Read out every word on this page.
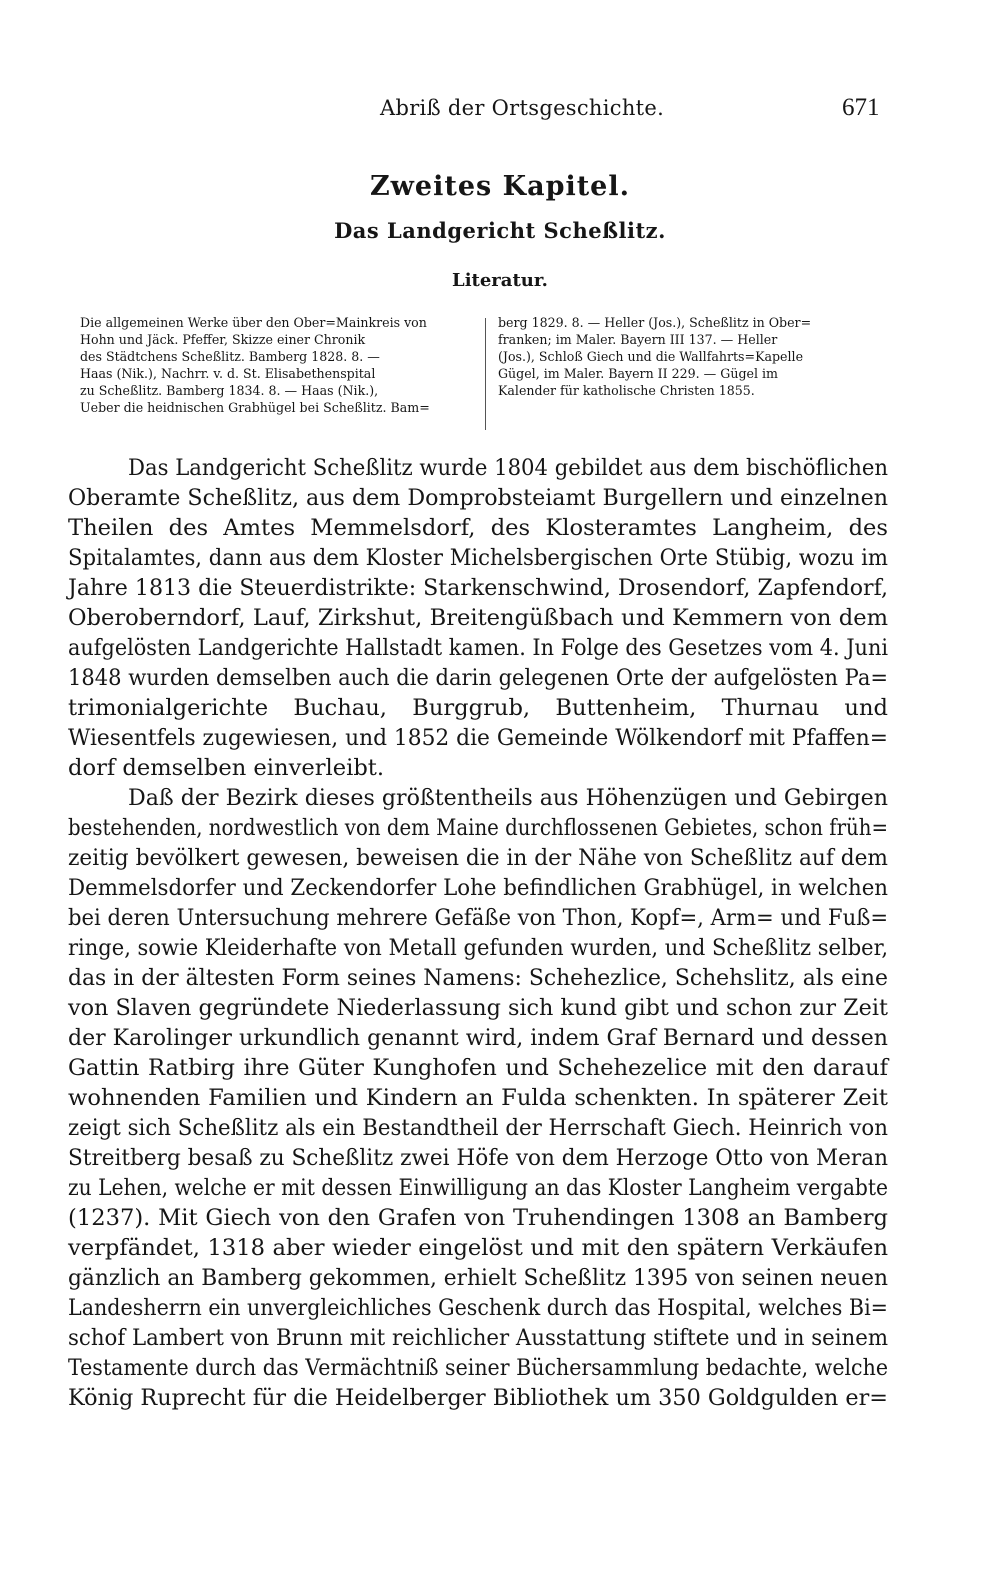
Abriß der Ortsgeschichte.	671
Zweites Kapitel.
Das Landgericht Scheßlitz.
Literatur.
Die allgemeinen Werke über den Ober=Mainkreis von
Hohn und Jäck. Pfeffer, Skizze einer Chronik
des Städtchens Scheßlitz. Bamberg 1828. 8. —
Haas (Nik.), Nachrr. v. d. St. Elisabethenspital
zu Scheßlitz. Bamberg 1834. 8. — Haas (Nik.),
Ueber die heidnischen Grabhügel bei Scheßlitz. Bam=
berg 1829. 8. — Heller (Jos.), Scheßlitz in Ober=
franken; im Maler. Bayern III 137. — Heller
(Jos.), Schloß Giech und die Wallfahrts=Kapelle
Gügel, im Maler. Bayern II 229. — Gügel im
Kalender für katholische Christen 1855.
Das Landgericht Scheßlitz wurde 1804 gebildet aus dem bischöflichen
Oberamte Scheßlitz, aus dem Domprobsteiamt Burgellern und einzelnen
Theilen des Amtes Memmelsdorf, des Klosteramtes Langheim, des
Spitalamtes, dann aus dem Kloster Michelsbergischen Orte Stübig, wozu im
Jahre 1813 die Steuerdistrikte: Starkenschwind, Drosendorf, Zapfendorf,
Oberoberndorf, Lauf, Zirkshut, Breitengüßbach und Kemmern von dem
aufgelösten Landgerichte Hallstadt kamen. In Folge des Gesetzes vom 4. Juni
1848 wurden demselben auch die darin gelegenen Orte der aufgelösten Pa=
trimonialgerichte Buchau, Burggrub, Buttenheim, Thurnau und
Wiesentfels zugewiesen, und 1852 die Gemeinde Wölkendorf mit Pfaffen=
dorf demselben einverleibt.
Daß der Bezirk dieses größtentheils aus Höhenzügen und Gebirgen
bestehenden, nordwestlich von dem Maine durchflossenen Gebietes, schon früh=
zeitig bevölkert gewesen, beweisen die in der Nähe von Scheßlitz auf dem
Demmelsdorfer und Zeckendorfer Lohe befindlichen Grabhügel, in welchen
bei deren Untersuchung mehrere Gefäße von Thon, Kopf=, Arm= und Fuß=
ringe, sowie Kleiderhafte von Metall gefunden wurden, und Scheßlitz selber,
das in der ältesten Form seines Namens: Schehezlice, Schehslitz, als eine
von Slaven gegründete Niederlassung sich kund gibt und schon zur Zeit
der Karolinger urkundlich genannt wird, indem Graf Bernard und dessen
Gattin Ratbirg ihre Güter Kunghofen und Schehezelice mit den darauf
wohnenden Familien und Kindern an Fulda schenkten. In späterer Zeit
zeigt sich Scheßlitz als ein Bestandtheil der Herrschaft Giech. Heinrich von
Streitberg besaß zu Scheßlitz zwei Höfe von dem Herzoge Otto von Meran
zu Lehen, welche er mit dessen Einwilligung an das Kloster Langheim vergabte
(1237). Mit Giech von den Grafen von Truhendingen 1308 an Bamberg
verpfändet, 1318 aber wieder eingelöst und mit den spätern Verkäufen
gänzlich an Bamberg gekommen, erhielt Scheßlitz 1395 von seinen neuen
Landesherrn ein unvergleichliches Geschenk durch das Hospital, welches Bi=
schof Lambert von Brunn mit reichlicher Ausstattung stiftete und in seinem
Testamente durch das Vermächtniß seiner Büchersammlung bedachte, welche
König Ruprecht für die Heidelberger Bibliothek um 350 Goldgulden er=
